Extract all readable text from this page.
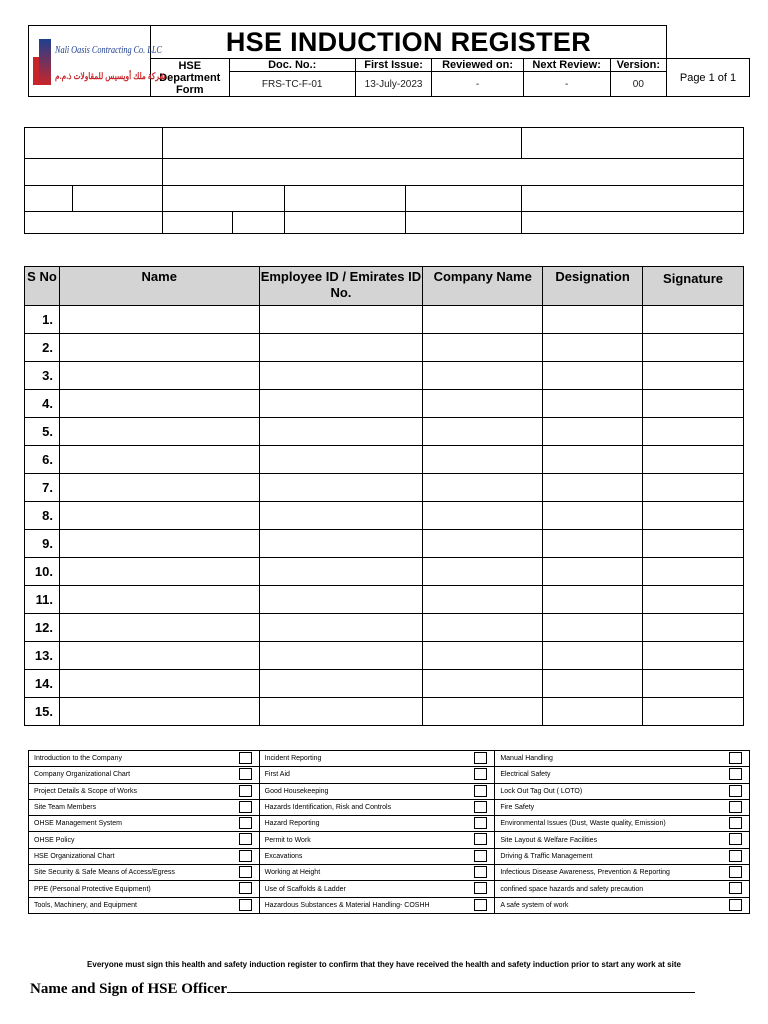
Nali Oasis Contracting Co. LLC
شركة ملك أويسيس للمقاولات ذ.م.م	HSE INDUCTION REGISTER						
	HSE Department Form	Doc. No.:	First Issue:	Reviewed on:	Next Review:	Version:	Page 1 of 1
		FRS-TC-F-01	13-July-2023	-	-	00	

S No	Name	Employee ID / Emirates ID No.	Company Name	Designation	Signature
1.					
2.					
3.					
4.					
5.					
6.					
7.					
8.					
9.					
10.					
11.					
12.					
13.					
14.					
15.					
Introduction to the Company	Incident Reporting	Manual Handling

Company Organizational Chart	First Aid	Electrical Safety

Project Details & Scope of Works	Good Housekeeping	Lock Out Tag Out ( LOTO)

Site Team Members	Hazards Identification, Risk and Controls	Fire Safety

OHSE Management System	Hazard Reporting	Environmental Issues (Dust, Waste quality, Emission)

OHSE Policy	Permit to Work	Site Layout & Welfare Facilities

HSE Organizational Chart	Excavations	Driving & Traffic Management

Site Security & Safe Means of Access/Egress	Working at Height	Infectious Disease Awareness, Prevention & Reporting

PPE (Personal Protective Equipment)	Use of Scaffolds & Ladder	confined space hazards and safety precaution

Tools, Machinery, and Equipment	Hazardous Substances & Material Handling- COSHH	A safe system of work
Everyone must sign this health and safety induction register to confirm that they have received the health and safety induction prior to start any work at site
Name and Sign of HSE Officer
